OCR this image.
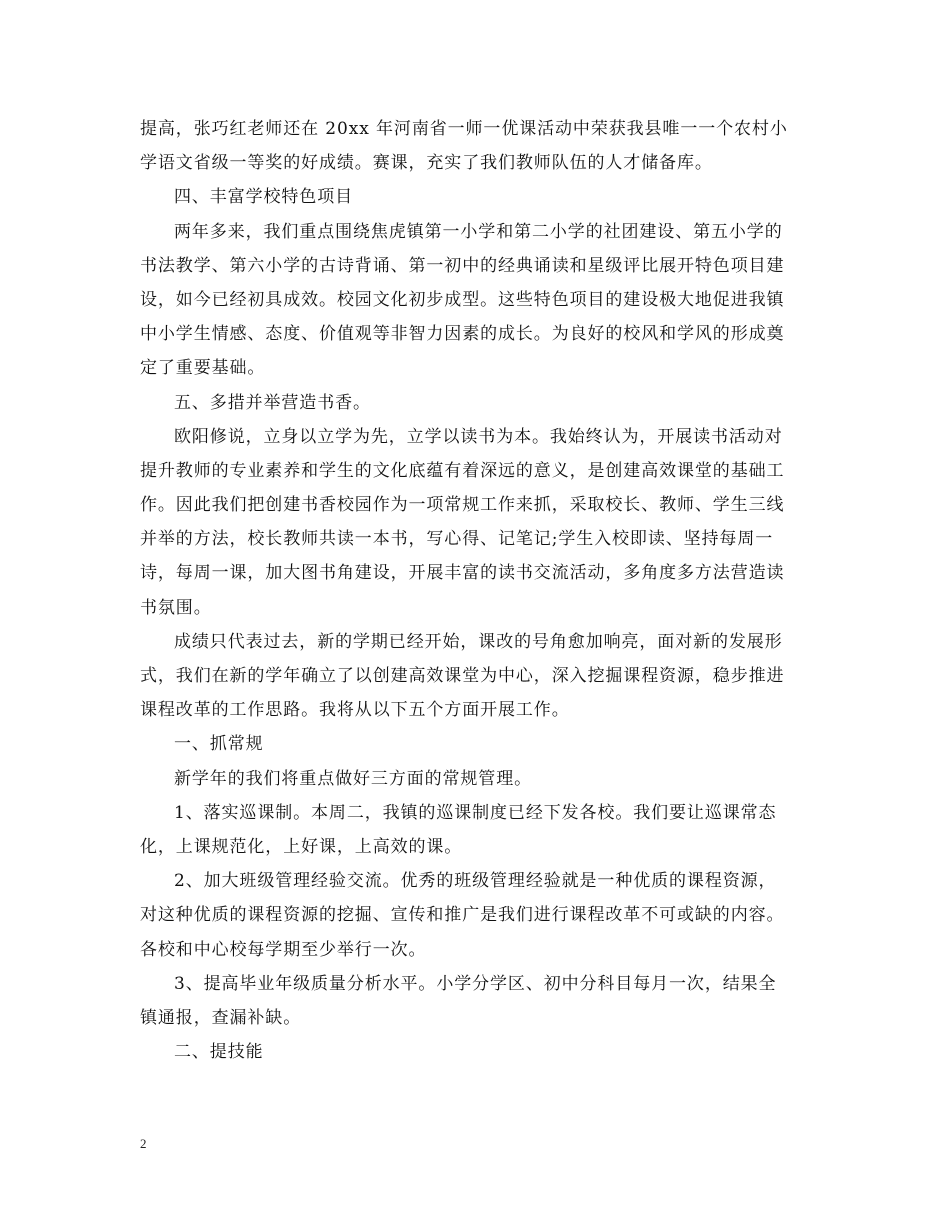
提高，张巧红老师还在 20xx 年河南省一师一优课活动中荣获我县唯一一个农村小
学语文省级一等奖的好成绩。赛课，充实了我们教师队伍的人才储备库。
四、丰富学校特色项目
两年多来，我们重点围绕焦虎镇第一小学和第二小学的社团建设、第五小学的
书法教学、第六小学的古诗背诵、第一初中的经典诵读和星级评比展开特色项目建
设，如今已经初具成效。校园文化初步成型。这些特色项目的建设极大地促进我镇
中小学生情感、态度、价值观等非智力因素的成长。为良好的校风和学风的形成奠
定了重要基础。
五、多措并举营造书香。
欧阳修说，立身以立学为先，立学以读书为本。我始终认为，开展读书活动对
提升教师的专业素养和学生的文化底蕴有着深远的意义，是创建高效课堂的基础工
作。因此我们把创建书香校园作为一项常规工作来抓，采取校长、教师、学生三线
并举的方法，校长教师共读一本书，写心得、记笔记;学生入校即读、坚持每周一
诗，每周一课，加大图书角建设，开展丰富的读书交流活动，多角度多方法营造读
书氛围。
成绩只代表过去，新的学期已经开始，课改的号角愈加响亮，面对新的发展形
式，我们在新的学年确立了以创建高效课堂为中心，深入挖掘课程资源，稳步推进
课程改革的工作思路。我将从以下五个方面开展工作。
一、抓常规
新学年的我们将重点做好三方面的常规管理。
1、落实巡课制。本周二，我镇的巡课制度已经下发各校。我们要让巡课常态
化，上课规范化，上好课，上高效的课。
2、加大班级管理经验交流。优秀的班级管理经验就是一种优质的课程资源，
对这种优质的课程资源的挖掘、宣传和推广是我们进行课程改革不可或缺的内容。
各校和中心校每学期至少举行一次。
3、提高毕业年级质量分析水平。小学分学区、初中分科目每月一次，结果全
镇通报，查漏补缺。
二、提技能
2
